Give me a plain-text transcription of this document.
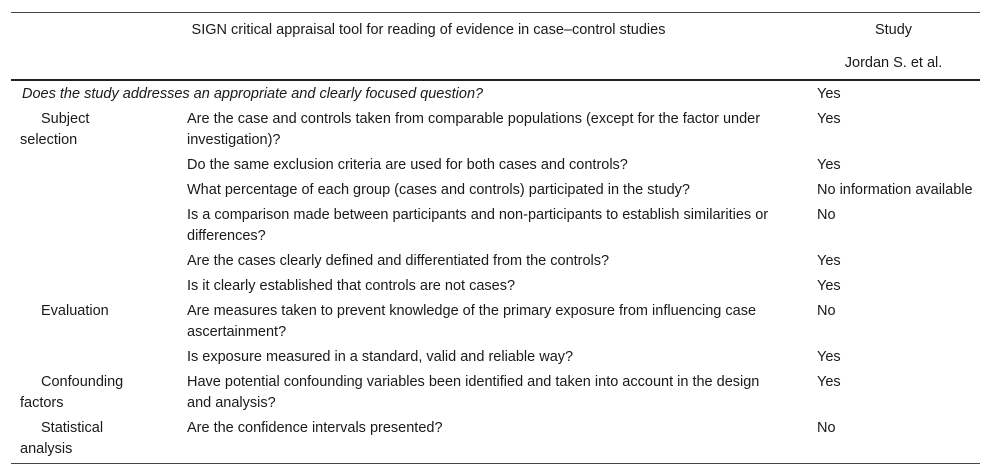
SIGN critical appraisal tool for reading of evidence in case–control studies		Study
		Jordan S. et al.
Does the study addresses an appropriate and clearly focused question?		Yes
Subject
selection	Are the case and controls taken from comparable populations (except for the factor under investigation)?	Yes
	Do the same exclusion criteria are used for both cases and controls?	Yes
	What percentage of each group (cases and controls) participated in the study?	No information available
	Is a comparison made between participants and non-participants to establish similarities or differences?	No
	Are the cases clearly defined and differentiated from the controls?	Yes
	Is it clearly established that controls are not cases?	Yes
Evaluation	Are measures taken to prevent knowledge of the primary exposure from influencing case ascertainment?	No
	Is exposure measured in a standard, valid and reliable way?	Yes
Confounding
factors	Have potential confounding variables been identified and taken into account in the design and analysis?	Yes
Statistical
analysis	Are the confidence intervals presented?	No
